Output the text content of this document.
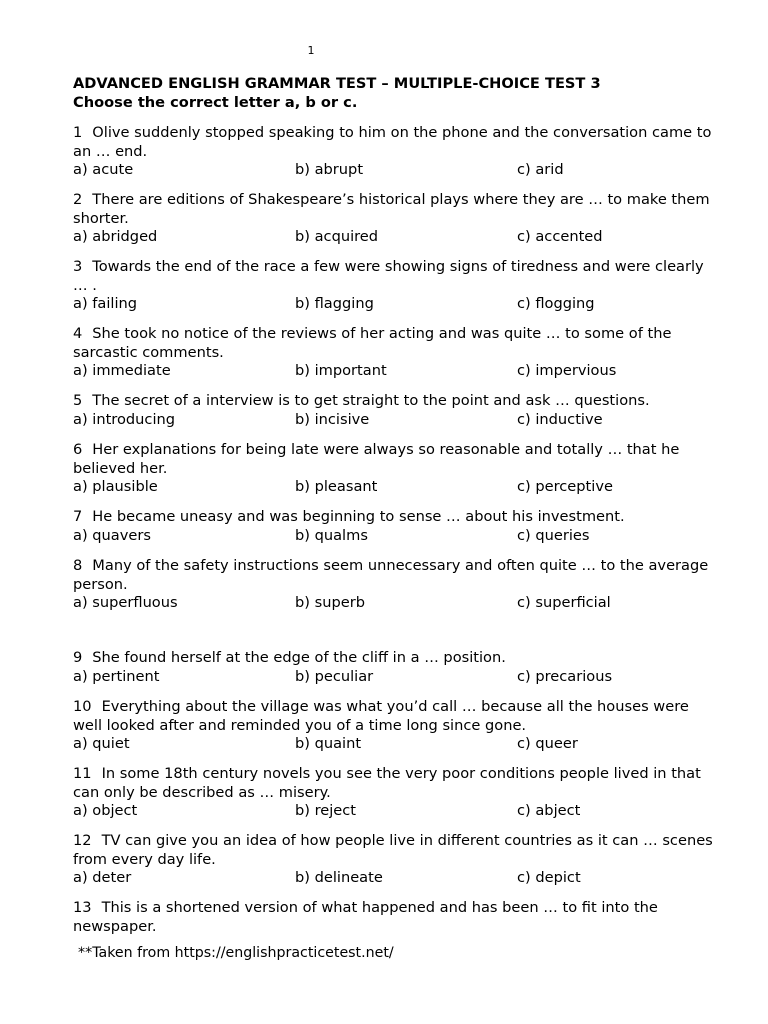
1
ADVANCED ENGLISH GRAMMAR TEST – MULTIPLE-CHOICE TEST 3
Choose the correct letter a, b or c.
1 Olive suddenly stopped speaking to him on the phone and the conversation came to an … end.
a) acute	b) abrupt	c) arid
2 There are editions of Shakespeare’s historical plays where they are … to make them shorter.
a) abridged	b) acquired	c) accented
3 Towards the end of the race a few were showing signs of tiredness and were clearly … .
a) failing	b) flagging	c) flogging
4 She took no notice of the reviews of her acting and was quite … to some of the sarcastic comments.
a) immediate	b) important	c) impervious
5 The secret of a interview is to get straight to the point and ask … questions.
a) introducing	b) incisive	c) inductive
6 Her explanations for being late were always so reasonable and totally … that he believed her.
a) plausible	b) pleasant	c) perceptive
7 He became uneasy and was beginning to sense … about his investment.
a) quavers	b) qualms	c) queries
8 Many of the safety instructions seem unnecessary and often quite … to the average person.
a) superfluous	b) superb	c) superficial
9 She found herself at the edge of the cliff in a … position.
a) pertinent	b) peculiar	c) precarious
10 Everything about the village was what you’d call … because all the houses were well looked after and reminded you of a time long since gone.
a) quiet	b) quaint	c) queer
11 In some 18th century novels you see the very poor conditions people lived in that can only be described as … misery.
a) object	b) reject	c) abject
12 TV can give you an idea of how people live in different countries as it can … scenes from every day life.
a) deter	b) delineate	c) depict
13 This is a shortened version of what happened and has been … to fit into the newspaper.
**Taken from https://englishpracticetest.net/
